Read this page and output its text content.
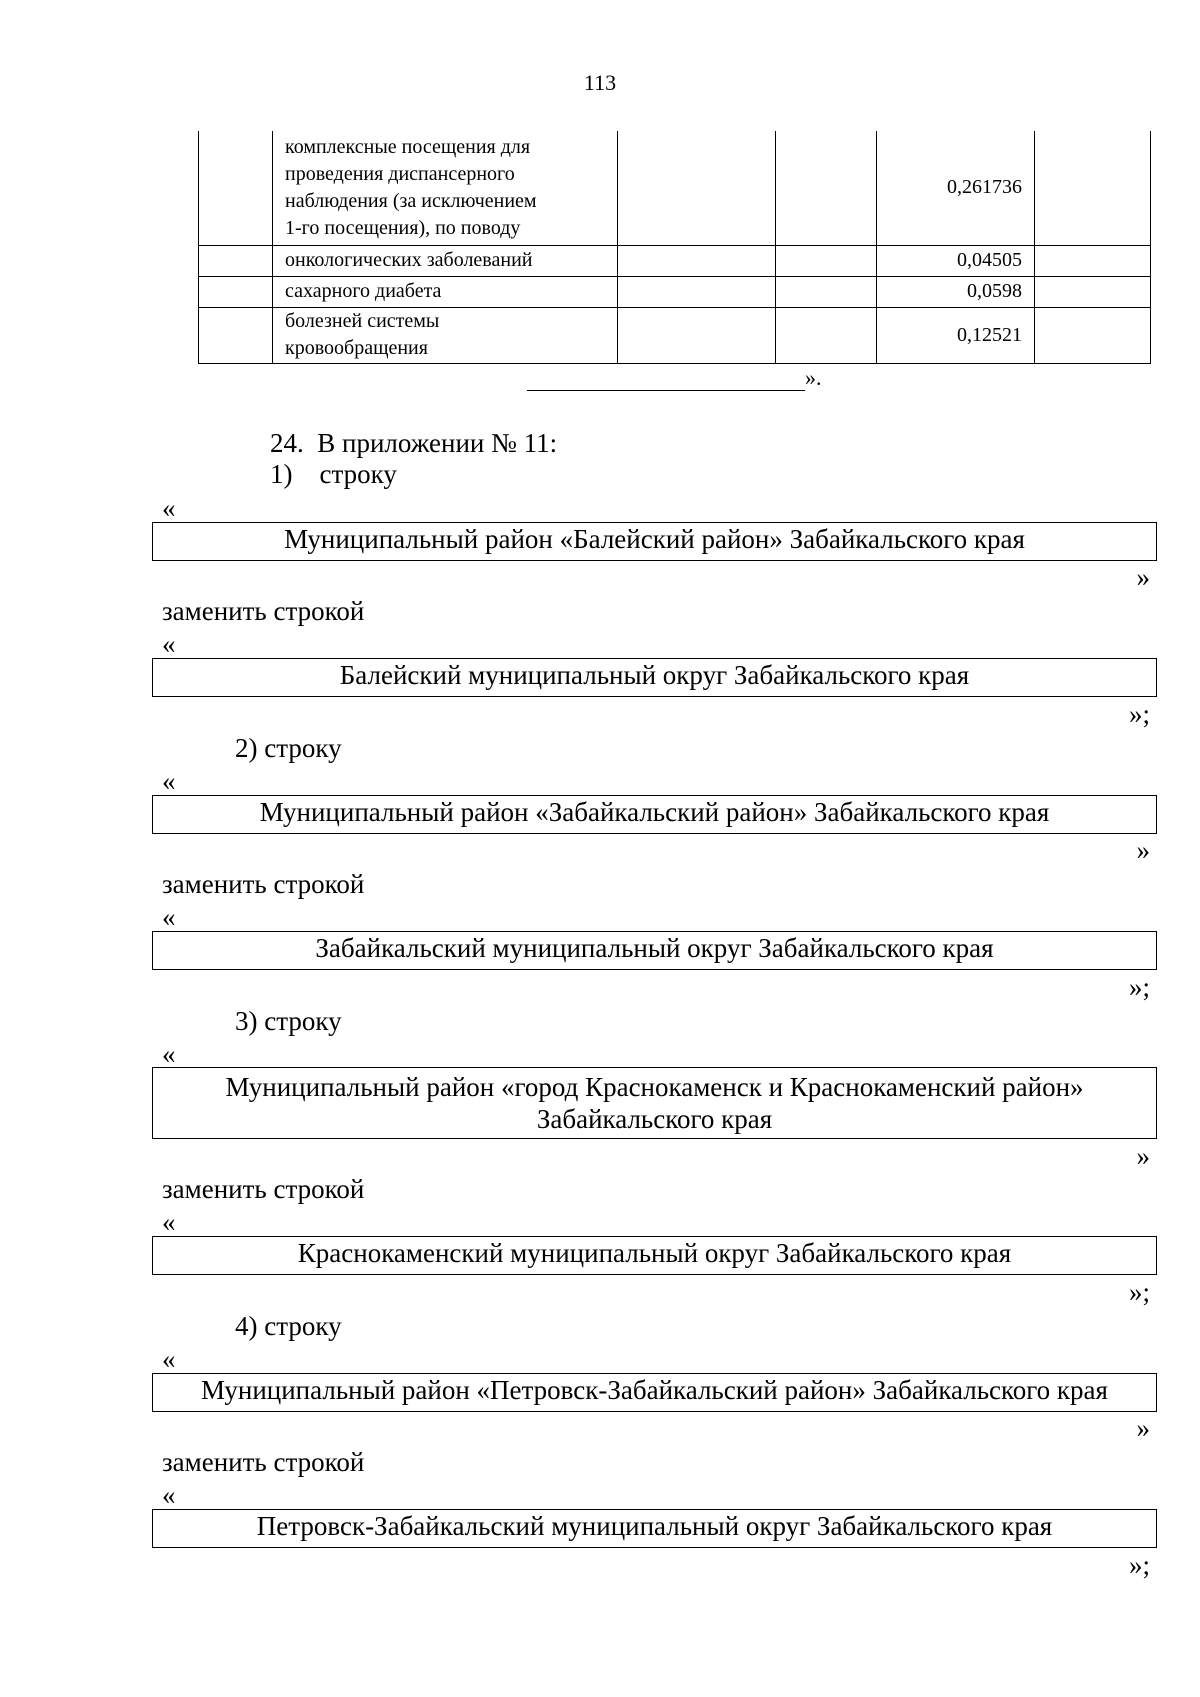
113
	комплексные посещения для
проведения диспансерного
наблюдения (за исключением
1-го посещения), по поводу			0,261736	
	онкологических заболеваний			0,04505	
	сахарного диабета			0,0598	
	болезней системы
кровообращения			0,12521	
».
24. В приложении № 11:
1) строку
«
Муниципальный район «Балейский район» Забайкальского края
»
заменить строкой
«
Балейский муниципальный округ Забайкальского края
»;
2) строку
«
Муниципальный район «Забайкальский район» Забайкальского края
»
заменить строкой
«
Забайкальский муниципальный округ Забайкальского края
»;
3) строку
«
Муниципальный район «город Краснокаменск и Краснокаменский район»
Забайкальского края
»
заменить строкой
«
Краснокаменский муниципальный округ Забайкальского края
»;
4) строку
«
Муниципальный район «Петровск-Забайкальский район» Забайкальского края
»
заменить строкой
«
Петровск-Забайкальский муниципальный округ Забайкальского края
»;
